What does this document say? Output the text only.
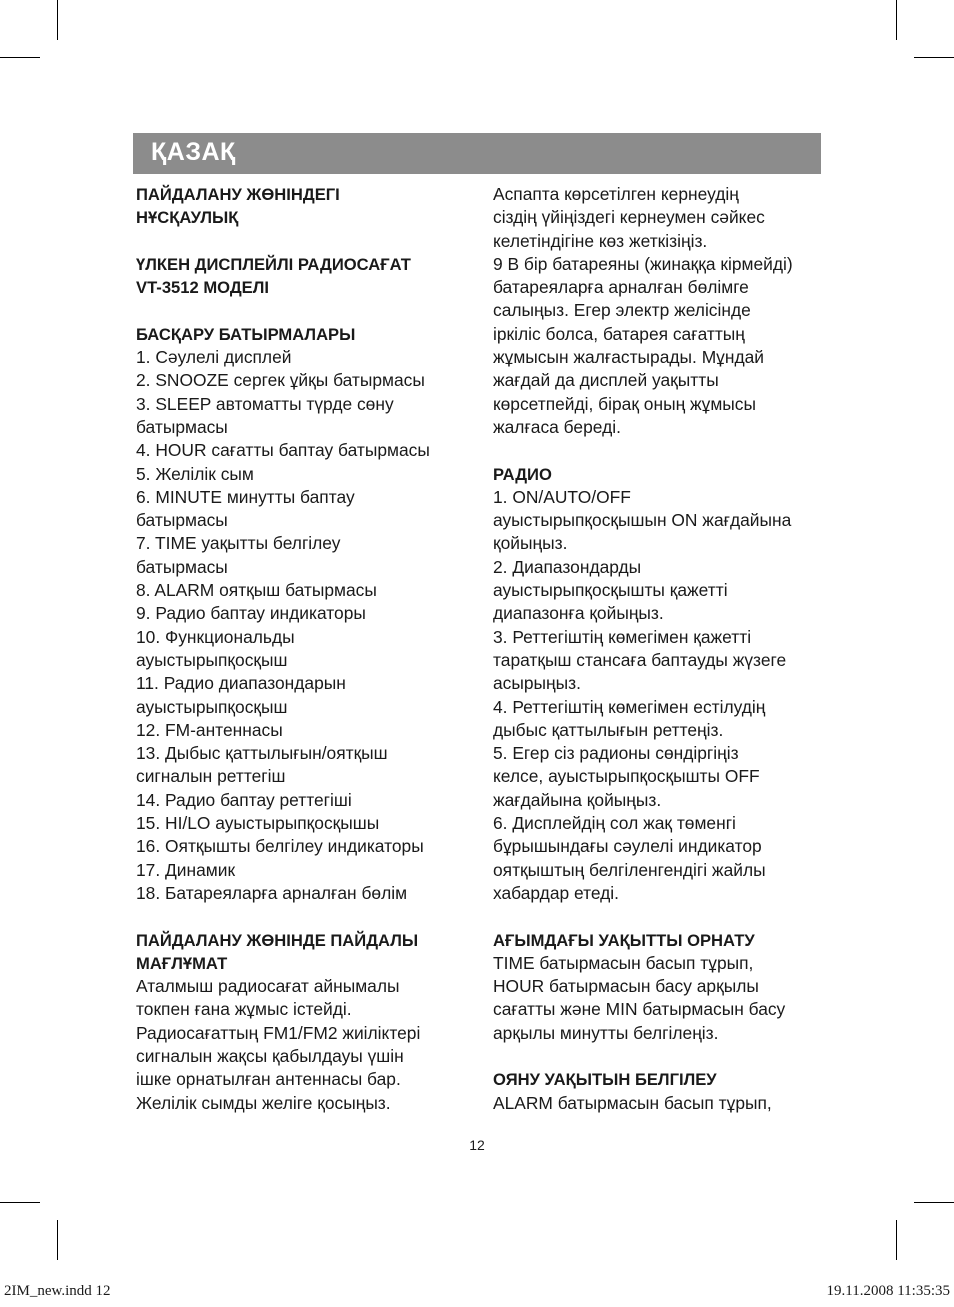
ҚАЗАҚ
ПАЙДАЛАНУ ЖӨНІНДЕГІ
НҰСҚАУЛЫҚ
ҮЛКЕН ДИСПЛЕЙЛІ РАДИОСАҒАТ
VT-3512 МОДЕЛІ
БАСҚАРУ БАТЫРМАЛАРЫ
1. Сәулелі дисплей
2. SNOOZE сергек ұйқы батырмасы
3. SLEEP автоматты түрде сөну
батырмасы
4. HOUR сағатты баптау батырмасы
5. Желілік сым
6. MINUTE минутты баптау
батырмасы
7. TIME уақытты белгілеу
батырмасы
8. ALARM оятқыш батырмасы
9. Радио баптау индикаторы
10. Функциональды
ауыстырыпқосқыш
11. Радио диапазондарын
ауыстырыпқосқыш
12. FM-антеннасы
13. Дыбыс қаттылығын/оятқыш
сигналын реттегіш
14. Радио баптау реттегіші
15. HI/LO ауыстырыпқосқышы
16. Оятқышты белгілеу индикаторы
17. Динамик
18. Батареяларға арналған бөлім
ПАЙДАЛАНУ ЖӨНІНДЕ ПАЙДАЛЫ
МАҒЛҰМАТ
Аталмыш радиосағат айнымалы
токпен ғана жұмыс істейді.
Радиосағаттың FM1/FM2 жиіліктері
сигналын жақсы қабылдауы үшін
ішке орнатылған антеннасы бар.
Желілік сымды желіге қосыңыз.
Аспапта көрсетілген кернеудің
сіздің үйіңіздегі кернеумен сәйкес
келетіндігіне көз жеткізіңіз.
9 В бір батареяны (жинаққа кірмейді)
батареяларға арналған бөлімге
салыңыз. Егер электр желісінде
іркіліс болса, батарея сағаттың
жұмысын жалғастырады. Мұндай
жағдай да дисплей уақытты
көрсетпейді, бірақ оның жұмысы
жалғаса береді.
РАДИО
1. ON/AUTO/OFF
ауыстырыпқосқышын ON жағдайына
қойыңыз.
2. Диапазондарды
ауыстырыпқосқышты қажетті
диапазонға қойыңыз.
3. Реттегіштің көмегімен қажетті
таратқыш стансаға баптауды жүзеге
асырыңыз.
4. Реттегіштің көмегімен естілудің
дыбыс қаттылығын реттеңіз.
5. Егер сіз радионы сөндіргіңіз
келсе, ауыстырыпқосқышты OFF
жағдайына қойыңыз.
6. Дисплейдің сол жақ төменгі
бұрышындағы сәулелі индикатор
оятқыштың белгіленгендігі жайлы
хабардар етеді.
АҒЫМДАҒЫ УАҚЫТТЫ ОРНАТУ
TIME батырмасын басып тұрып,
HOUR батырмасын басу арқылы
сағатты және MIN батырмасын басу
арқылы минутты белгілеңіз.
ОЯНУ УАҚЫТЫН БЕЛГІЛЕУ
ALARM батырмасын басып тұрып,
12
2IM_new.indd 12	19.11.2008 11:35:35
